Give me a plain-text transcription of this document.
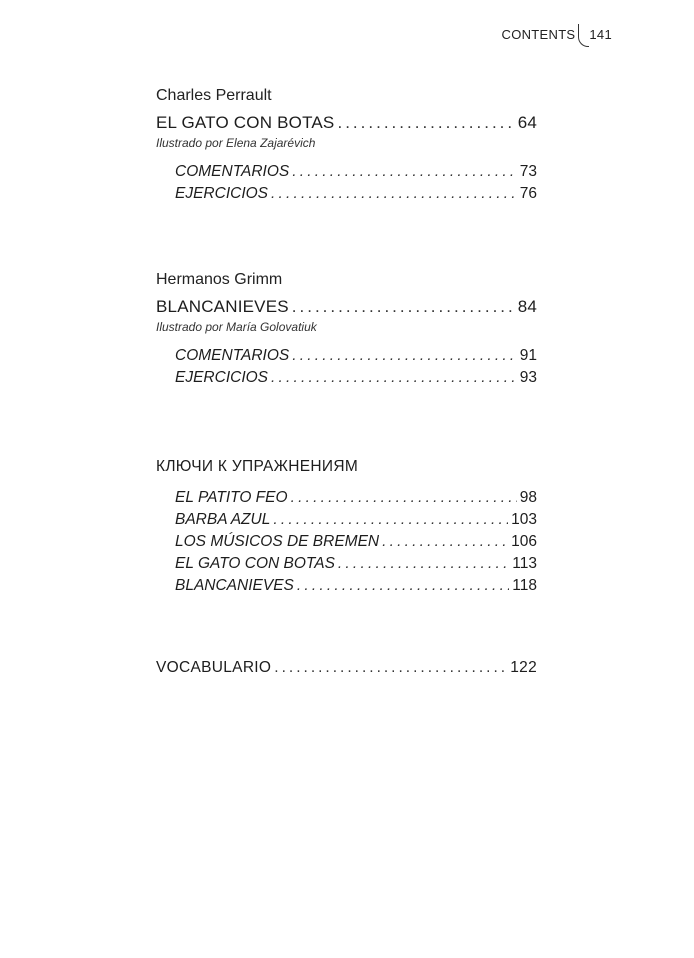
CONTENTS	141
Charles Perrault
EL GATO CON BOTAS .....	64
Ilustrado por Elena Zajarévich
COMENTARIOS .....	73
EJERCICIOS .....	76
Hermanos Grimm
BLANCANIEVES .....	84
Ilustrado por María Golovatiuk
COMENTARIOS .....	91
EJERCICIOS .....	93
КЛЮЧИ К УПРАЖНЕНИЯМ
EL PATITO FEO .....	98
BARBA AZUL .....	103
LOS MÚSICOS DE BREMEN .....	106
EL GATO CON BOTAS .....	113
BLANCANIEVES .....	118
VOCABULARIO .....	122
